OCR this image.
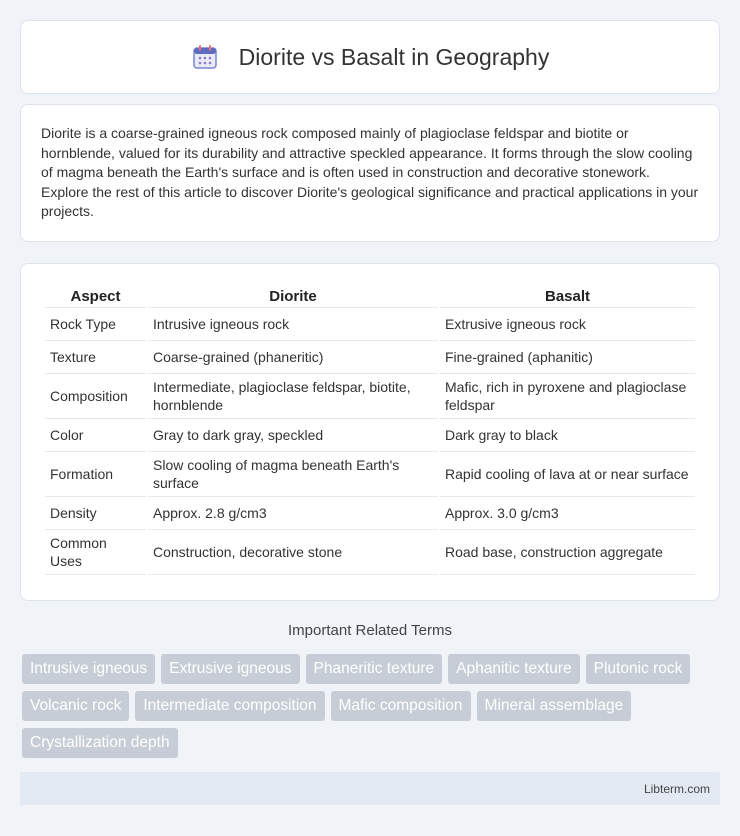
Diorite vs Basalt in Geography

Diorite is a coarse-grained igneous rock composed mainly of plagioclase feldspar and biotite or hornblende, valued for its durability and attractive speckled appearance. It forms through the slow cooling of magma beneath the Earth's surface and is often used in construction and decorative stonework. Explore the rest of this article to discover Diorite's geological significance and practical applications in your projects.

Aspect	Diorite	Basalt
Rock Type	Intrusive igneous rock	Extrusive igneous rock
Texture	Coarse-grained (phaneritic)	Fine-grained (aphanitic)
Composition	Intermediate, plagioclase feldspar, biotite, hornblende	Mafic, rich in pyroxene and plagioclase feldspar
Color	Gray to dark gray, speckled	Dark gray to black
Formation	Slow cooling of magma beneath Earth's surface	Rapid cooling of lava at or near surface
Density	Approx. 2.8 g/cm3	Approx. 3.0 g/cm3
Common Uses	Construction, decorative stone	Road base, construction aggregate
Important Related Terms
Intrusive igneous	Extrusive igneous	Phaneritic texture	Aphanitic texture	Plutonic rock
Volcanic rock	Intermediate composition	Mafic composition	Mineral assemblage
Crystallization depth
Libterm.com
